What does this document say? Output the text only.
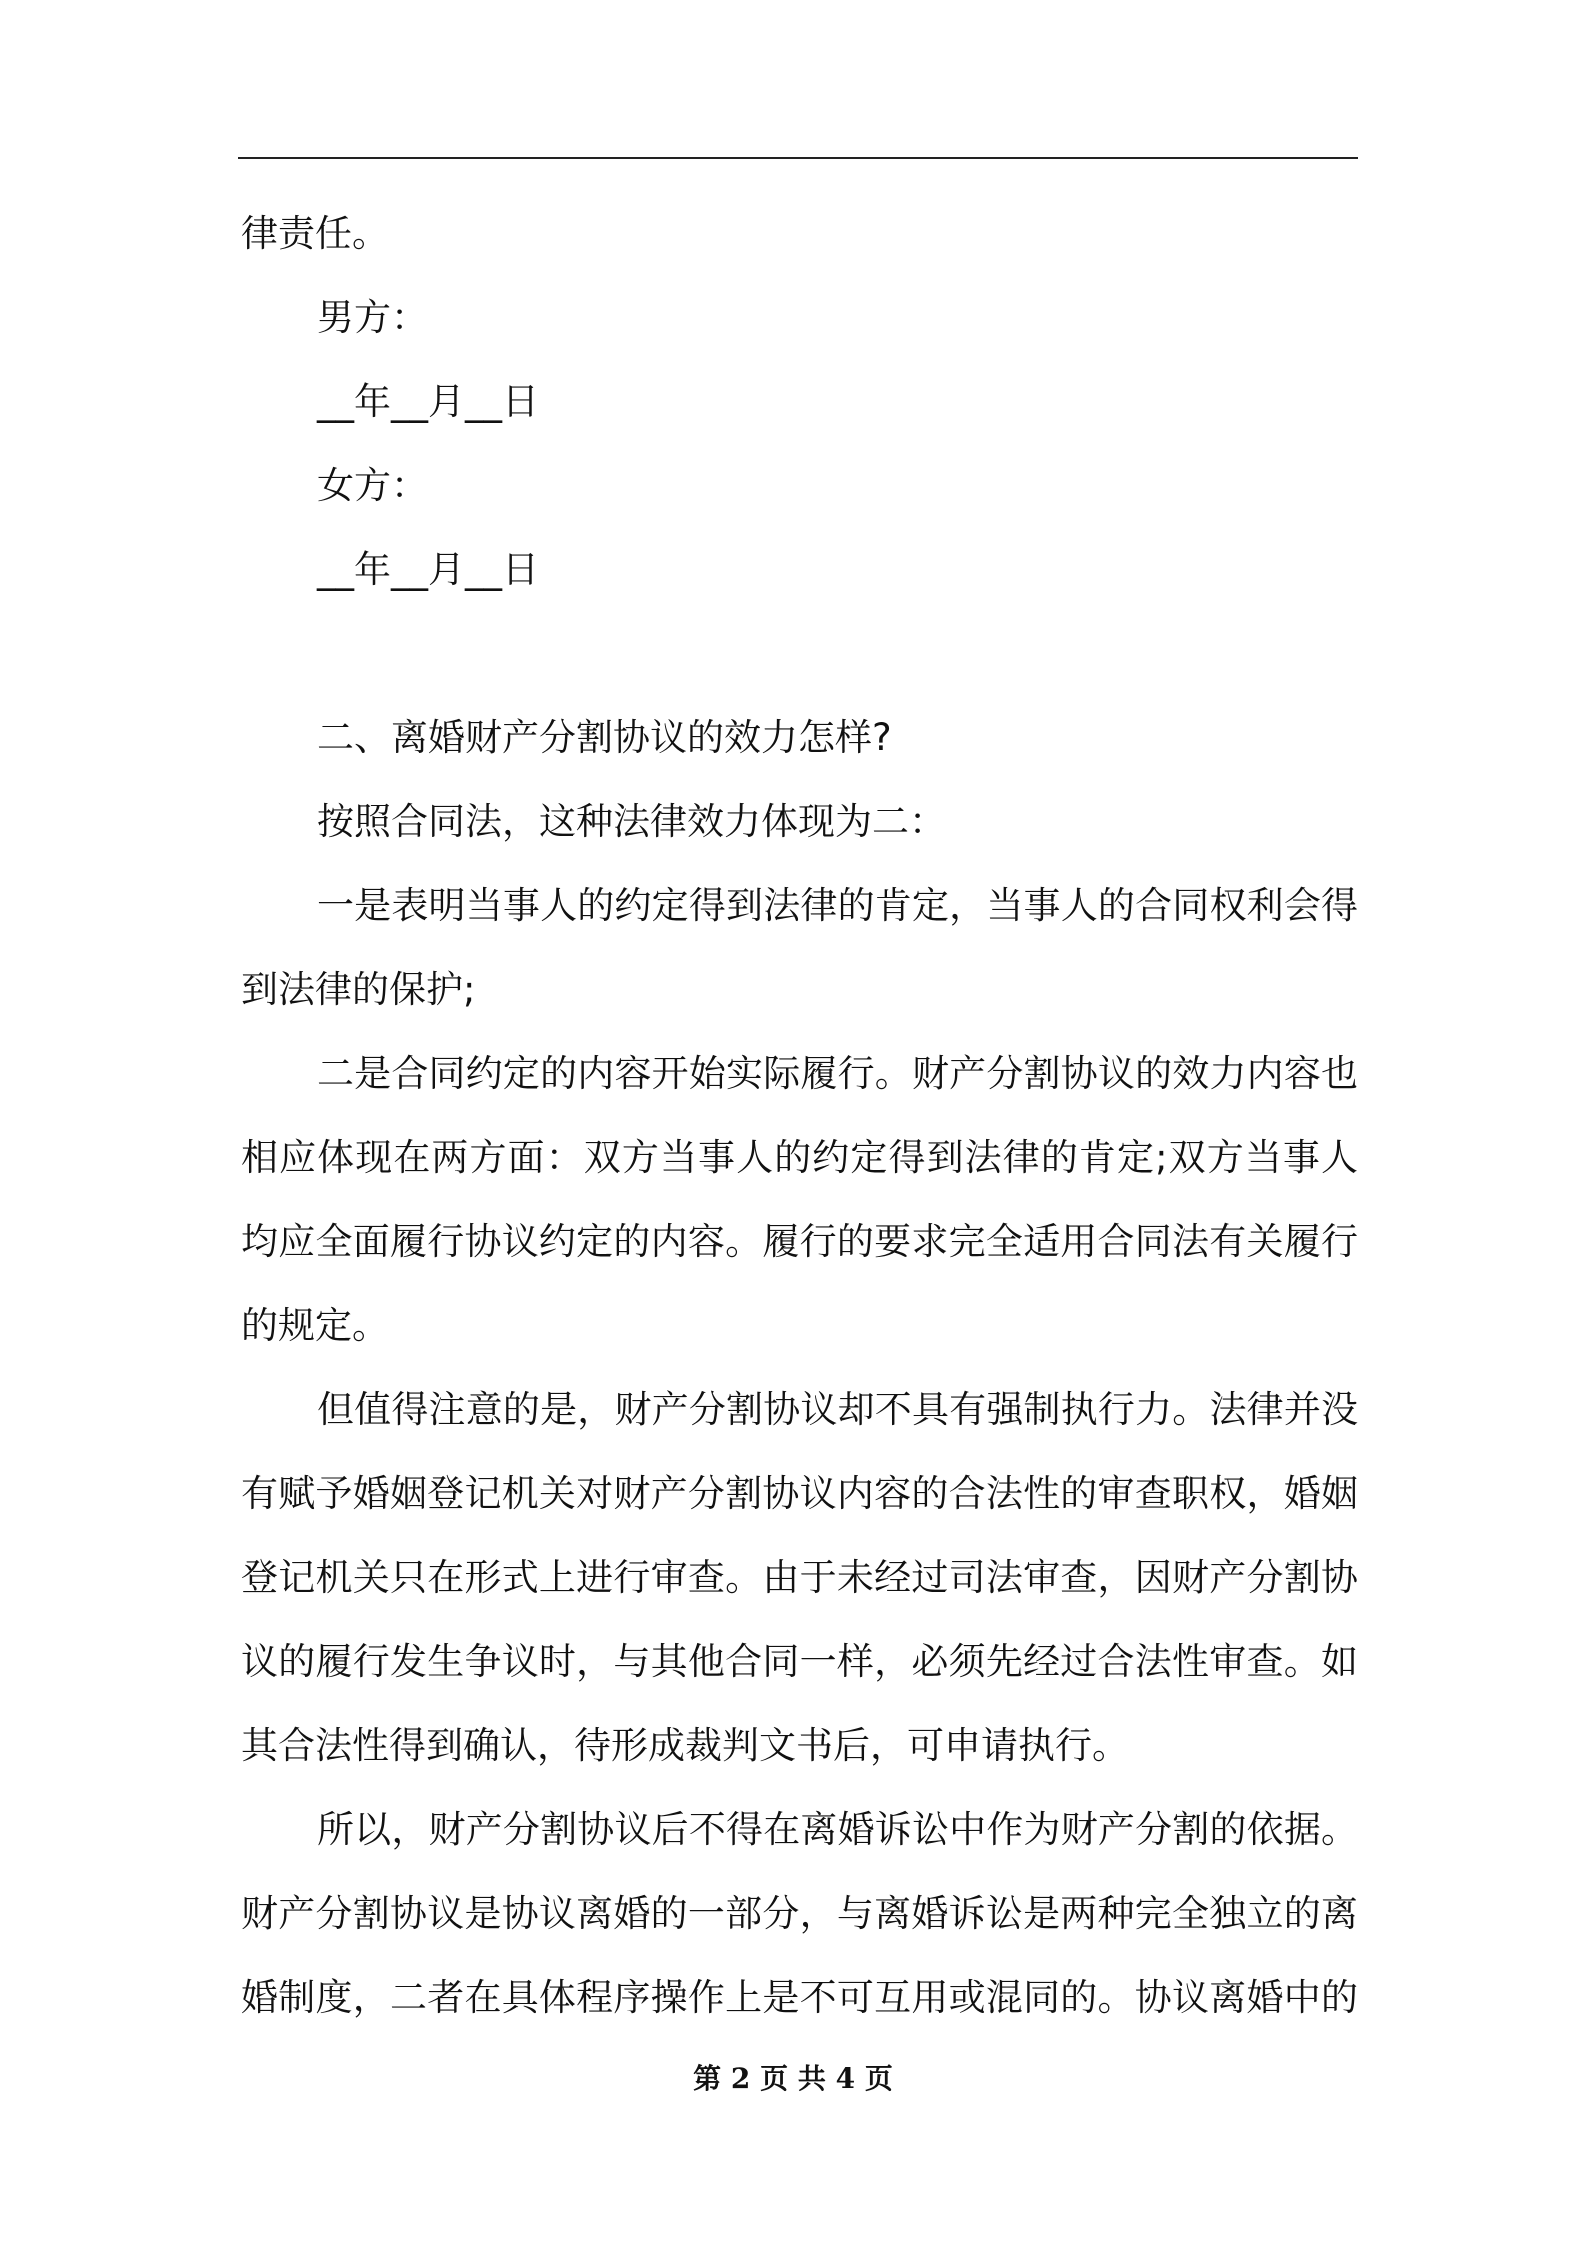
律责任。
男方：
__年__月__日
女方：
__年__月__日
二、离婚财产分割协议的效力怎样?
按照合同法，这种法律效力体现为二：
一是表明当事人的约定得到法律的肯定，当事人的合同权利会得
到法律的保护;
二是合同约定的内容开始实际履行。财产分割协议的效力内容也
相应体现在两方面：双方当事人的约定得到法律的肯定;双方当事人
均应全面履行协议约定的内容。履行的要求完全适用合同法有关履行
的规定。
但值得注意的是，财产分割协议却不具有强制执行力。法律并没
有赋予婚姻登记机关对财产分割协议内容的合法性的审查职权，婚姻
登记机关只在形式上进行审查。由于未经过司法审查，因财产分割协
议的履行发生争议时，与其他合同一样，必须先经过合法性审查。如
其合法性得到确认，待形成裁判文书后，可申请执行。
所以，财产分割协议后不得在离婚诉讼中作为财产分割的依据。
财产分割协议是协议离婚的一部分，与离婚诉讼是两种完全独立的离
婚制度，二者在具体程序操作上是不可互用或混同的。协议离婚中的
第 2 页 共 4 页
